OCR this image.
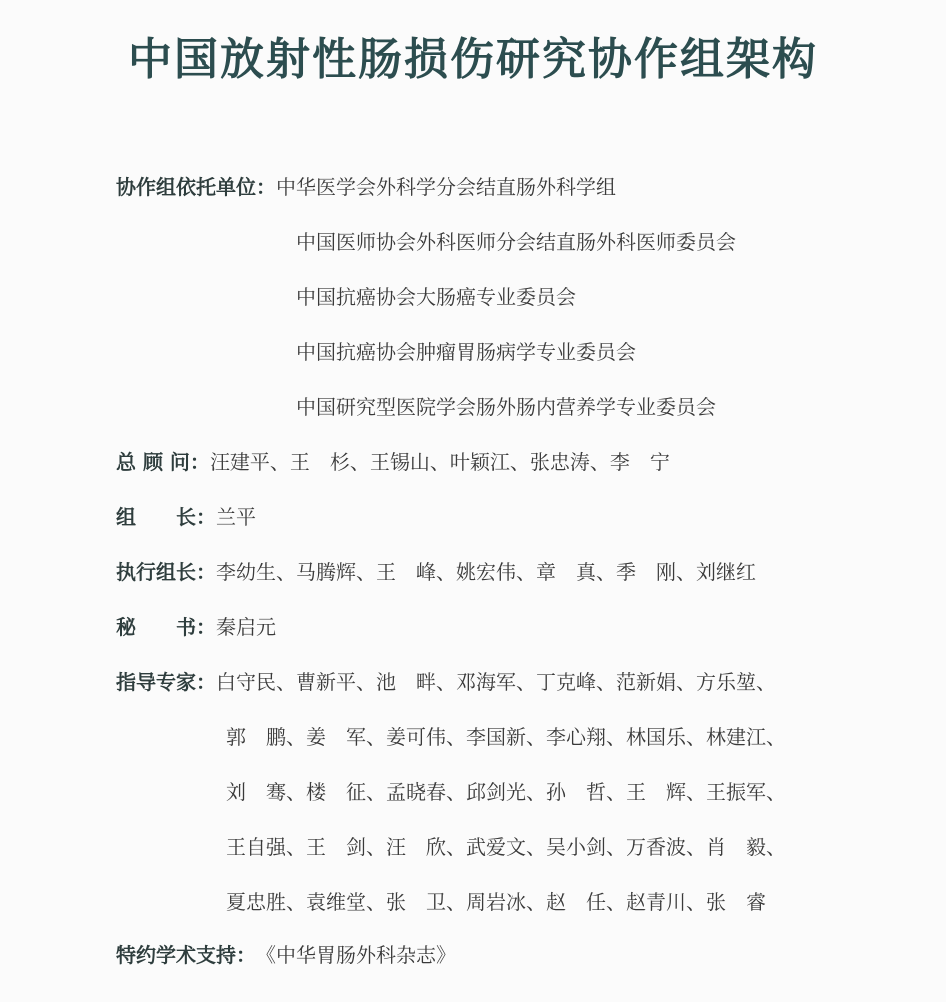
中国放射性肠损伤研究协作组架构
协作组依托单位：中华医学会外科学分会结直肠外科学组
中国医师协会外科医师分会结直肠外科医师委员会
中国抗癌协会大肠癌专业委员会
中国抗癌协会肿瘤胃肠病学专业委员会
中国研究型医院学会肠外肠内营养学专业委员会
总 顾 问：汪建平、王　杉、王锡山、叶颖江、张忠涛、李　宁
组　　长：兰平
执行组长：李幼生、马腾辉、王　峰、姚宏伟、章　真、季　刚、刘继红
秘　　书：秦启元
指导专家：白守民、曹新平、池　畔、邓海军、丁克峰、范新娟、方乐堃、
郭　鹏、姜　军、姜可伟、李国新、李心翔、林国乐、林建江、
刘　骞、楼　征、孟晓春、邱剑光、孙　哲、王　辉、王振军、
王自强、王　剑、汪　欣、武爱文、吴小剑、万香波、肖　毅、
夏忠胜、袁维堂、张　卫、周岩冰、赵　任、赵青川、张　睿
特约学术支持：《中华胃肠外科杂志》
